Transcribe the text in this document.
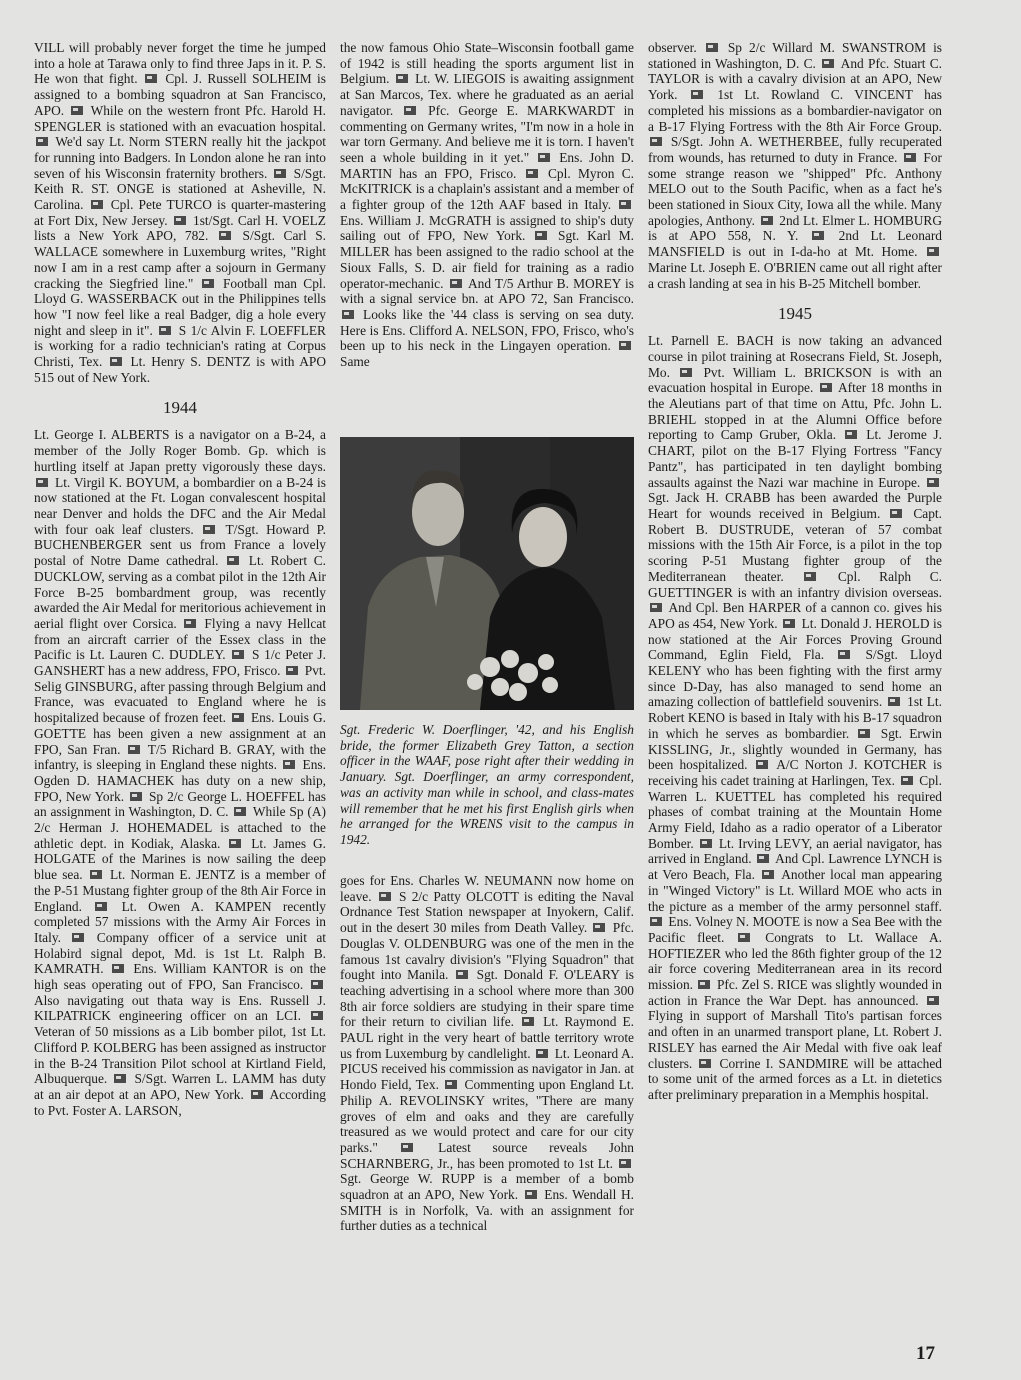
VILL will probably never forget the time he jumped into a hole at Tarawa only to find three Japs in it. P. S. He won that fight.  Cpl. J. Russell SOLHEIM is assigned to a bombing squadron at San Francisco, APO.  While on the western front Pfc. Harold H. SPENGLER is stationed with an evacuation hospital.  We'd say Lt. Norm STERN really hit the jackpot for running into Badgers. In London alone he ran into seven of his Wisconsin fraternity brothers.  S/Sgt. Keith R. ST. ONGE is stationed at Asheville, N. Carolina.  Cpl. Pete TURCO is quarter-mastering at Fort Dix, New Jersey.  1st/Sgt. Carl H. VOELZ lists a New York APO, 782.  S/Sgt. Carl S. WALLACE somewhere in Luxemburg writes, "Right now I am in a rest camp after a sojourn in Germany cracking the Siegfried line."  Football man Cpl. Lloyd G. WASSERBACK out in the Philippines tells how "I now feel like a real Badger, dig a hole every night and sleep in it".  S 1/c Alvin F. LOEFFLER is working for a radio technician's rating at Corpus Christi, Tex.  Lt. Henry S. DENTZ is with APO 515 out of New York.

1944

Lt. George I. ALBERTS is a navigator on a B-24, a member of the Jolly Roger Bomb. Gp. which is hurtling itself at Japan pretty vigorously these days.  Lt. Virgil K. BOYUM, a bombardier on a B-24 is now stationed at the Ft. Logan convalescent hospital near Denver and holds the DFC and the Air Medal with four oak leaf clusters.  T/Sgt. Howard P. BUCHENBERGER sent us from France a lovely postal of Notre Dame cathedral.  Lt. Robert C. DUCKLOW, serving as a combat pilot in the 12th Air Force B-25 bombardment group, was recently awarded the Air Medal for meritorious achievement in aerial flight over Corsica.  Flying a navy Hellcat from an aircraft carrier of the Essex class in the Pacific is Lt. Lauren C. DUDLEY.  S 1/c Peter J. GANSHERT has a new address, FPO, Frisco.  Pvt. Selig GINSBURG, after passing through Belgium and France, was evacuated to England where he is hospitalized because of frozen feet.  Ens. Louis G. GOETTE has been given a new assignment at an FPO, San Fran.  T/5 Richard B. GRAY, with the infantry, is sleeping in England these nights.  Ens. Ogden D. HAMACHEK has duty on a new ship, FPO, New York.  Sp 2/c George L. HOEFFEL has an assignment in Washington, D. C.  While Sp (A) 2/c Herman J. HOHEMADEL is attached to the athletic dept. in Kodiak, Alaska.  Lt. James G. HOLGATE of the Marines is now sailing the deep blue sea.  Lt. Norman E. JENTZ is a member of the P-51 Mustang fighter group of the 8th Air Force in England.  Lt. Owen A. KAMPEN recently completed 57 missions with the Army Air Forces in Italy.  Company officer of a service unit at Holabird signal depot, Md. is 1st Lt. Ralph B. KAMRATH.  Ens. William KANTOR is on the high seas operating out of FPO, San Francisco.  Also navigating out thata way is Ens. Russell J. KILPATRICK engineering officer on an LCI.  Veteran of 50 missions as a Lib bomber pilot, 1st Lt. Clifford P. KOLBERG has been assigned as instructor in the B-24 Transition Pilot school at Kirtland Field, Albuquerque.  S/Sgt. Warren L. LAMM has duty at an air depot at an APO, New York.  According to Pvt. Foster A. LARSON,

the now famous Ohio State–Wisconsin football game of 1942 is still heading the sports argument list in Belgium.  Lt. W. LIEGOIS is awaiting assignment at San Marcos, Tex. where he graduated as an aerial navigator.  Pfc. George E. MARKWARDT in commenting on Germany writes, "I'm now in a hole in war torn Germany. And believe me it is torn. I haven't seen a whole building in it yet."  Ens. John D. MARTIN has an FPO, Frisco.  Cpl. Myron C. McKITRICK is a chaplain's assistant and a member of a fighter group of the 12th AAF based in Italy.  Ens. William J. McGRATH is assigned to ship's duty sailing out of FPO, New York.  Sgt. Karl M. MILLER has been assigned to the radio school at the Sioux Falls, S. D. air field for training as a radio operator-mechanic.  And T/5 Arthur B. MOREY is with a signal service bn. at APO 72, San Francisco.  Looks like the '44 class is serving on sea duty. Here is Ens. Clifford A. NELSON, FPO, Frisco, who's been up to his neck in the Lingayen operation.  Same

Sgt. Frederic W. Doerflinger, '42, and his English bride, the former Elizabeth Grey Tatton, a section officer in the WAAF, pose right after their wedding in January. Sgt. Doerflinger, an army correspondent, was an activity man while in school, and class-mates will remember that he met his first English girls when he arranged for the WRENS visit to the campus in 1942.

goes for Ens. Charles W. NEUMANN now home on leave.  S 2/c Patty OLCOTT is editing the Naval Ordnance Test Station newspaper at Inyokern, Calif. out in the desert 30 miles from Death Valley.  Pfc. Douglas V. OLDENBURG was one of the men in the famous 1st cavalry division's "Flying Squadron" that fought into Manila.  Sgt. Donald F. O'LEARY is teaching advertising in a school where more than 300 8th air force soldiers are studying in their spare time for their return to civilian life.  Lt. Raymond E. PAUL right in the very heart of battle territory wrote us from Luxemburg by candlelight.  Lt. Leonard A. PICUS received his commission as navigator in Jan. at Hondo Field, Tex.  Commenting upon England Lt. Philip A. REVOLINSKY writes, "There are many groves of elm and oaks and they are carefully treasured as we would protect and care for our city parks."  Latest source reveals John SCHARNBERG, Jr., has been promoted to 1st Lt.  Sgt. George W. RUPP is a member of a bomb squadron at an APO, New York.  Ens. Wendall H. SMITH is in Norfolk, Va. with an assignment for further duties as a technical

observer.  Sp 2/c Willard M. SWANSTROM is stationed in Washington, D. C.  And Pfc. Stuart C. TAYLOR is with a cavalry division at an APO, New York.  1st Lt. Rowland C. VINCENT has completed his missions as a bombardier-navigator on a B-17 Flying Fortress with the 8th Air Force Group.  S/Sgt. John A. WETHERBEE, fully recuperated from wounds, has returned to duty in France.  For some strange reason we "shipped" Pfc. Anthony MELO out to the South Pacific, when as a fact he's been stationed in Sioux City, Iowa all the while. Many apologies, Anthony.  2nd Lt. Elmer L. HOMBURG is at APO 558, N. Y.  2nd Lt. Leonard MANSFIELD is out in I-da-ho at Mt. Home.  Marine Lt. Joseph E. O'BRIEN came out all right after a crash landing at sea in his B-25 Mitchell bomber.

1945

Lt. Parnell E. BACH is now taking an advanced course in pilot training at Rosecrans Field, St. Joseph, Mo.  Pvt. William L. BRICKSON is with an evacuation hospital in Europe.  After 18 months in the Aleutians part of that time on Attu, Pfc. John L. BRIEHL stopped in at the Alumni Office before reporting to Camp Gruber, Okla.  Lt. Jerome J. CHART, pilot on the B-17 Flying Fortress "Fancy Pantz", has participated in ten daylight bombing assaults against the Nazi war machine in Europe.  Sgt. Jack H. CRABB has been awarded the Purple Heart for wounds received in Belgium.  Capt. Robert B. DUSTRUDE, veteran of 57 combat missions with the 15th Air Force, is a pilot in the top scoring P-51 Mustang fighter group of the Mediterranean theater.  Cpl. Ralph C. GUETTINGER is with an infantry division overseas.  And Cpl. Ben HARPER of a cannon co. gives his APO as 454, New York.  Lt. Donald J. HEROLD is now stationed at the Air Forces Proving Ground Command, Eglin Field, Fla.  S/Sgt. Lloyd KELENY who has been fighting with the first army since D-Day, has also managed to send home an amazing collection of battlefield souvenirs.  1st Lt. Robert KENO is based in Italy with his B-17 squadron in which he serves as bombardier.  Sgt. Erwin KISSLING, Jr., slightly wounded in Germany, has been hospitalized.  A/C Norton J. KOTCHER is receiving his cadet training at Harlingen, Tex.  Cpl. Warren L. KUETTEL has completed his required phases of combat training at the Mountain Home Army Field, Idaho as a radio operator of a Liberator Bomber.  Lt. Irving LEVY, an aerial navigator, has arrived in England.  And Cpl. Lawrence LYNCH is at Vero Beach, Fla.  Another local man appearing in "Winged Victory" is Lt. Willard MOE who acts in the picture as a member of the army personnel staff.  Ens. Volney N. MOOTE is now a Sea Bee with the Pacific fleet.  Congrats to Lt. Wallace A. HOFTIEZER who led the 86th fighter group of the 12 air force covering Mediterranean area in its record mission.  Pfc. Zel S. RICE was slightly wounded in action in France the War Dept. has announced.  Flying in support of Marshall Tito's partisan forces and often in an unarmed transport plane, Lt. Robert J. RISLEY has earned the Air Medal with five oak leaf clusters.  Corrine I. SANDMIRE will be attached to some unit of the armed forces as a Lt. in dietetics after preliminary preparation in a Memphis hospital.

17
